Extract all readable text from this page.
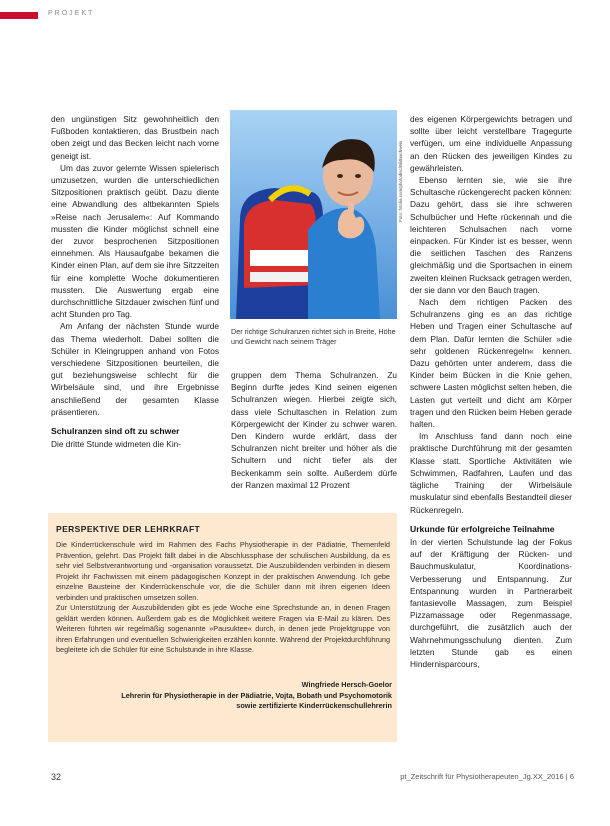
PROJEKT

den ungünstigen Sitz gewohnheitlich den Fußboden kontaktieren, das Brustbein nach oben zeigt und das Becken leicht nach vorne geneigt ist.

Um das zuvor gelernte Wissen spielerisch umzusetzen, wurden die unterschiedlichen Sitzpositionen praktisch geübt. Dazu diente eine Abwandlung des altbekannten Spiels »Reise nach Jerusalem«: Auf Kommando mussten die Kinder möglichst schnell eine der zuvor besprochenen Sitzpositionen einnehmen. Als Hausaufgabe bekamen die Kinder einen Plan, auf dem sie ihre Sitzzeiten für eine komplette Woche dokumentieren mussten. Die Auswertung ergab eine durchschnittliche Sitzdauer zwischen fünf und acht Stunden pro Tag.

Am Anfang der nächsten Stunde wurde das Thema wiederholt. Dabei sollten die Schüler in Kleingruppen anhand von Fotos verschiedene Sitzpositionen beurteilen, die gut beziehungsweise schlecht für die Wirbelsäule sind, und ihre Ergebnisse anschließend der gesamten Klasse präsentieren.

Schulranzen sind oft zu schwer

Die dritte Stunde widmeten die Kin-

Foto: fotolia.com/photodisc/Bildnachweis
Der richtige Schulranzen richtet sich in Breite, Höhe und Gewicht nach seinem Träger

gruppen dem Thema Schulranzen. Zu Beginn durfte jedes Kind seinen eigenen Schulranzen wiegen. Hierbei zeigte sich, dass viele Schultaschen in Relation zum Körpergewicht der Kinder zu schwer waren. Den Kindern wurde erklärt, dass der Schulranzen nicht breiter und höher als die Schultern und nicht tiefer als der Beckenkamm sein sollte. Außerdem dürfe der Ranzen maximal 12 Prozent

des eigenen Körpergewichts betragen und sollte über leicht verstellbare Tragegurte verfügen, um eine individuelle Anpassung an den Rücken des jeweiligen Kindes zu gewährleisten.

Ebenso lernten sie, wie sie ihre Schultasche rückengerecht packen können: Dazu gehört, dass sie ihre schweren Schulbücher und Hefte rückennah und die leichteren Schulsachen nach vorne einpacken. Für Kinder ist es besser, wenn die seitlichen Taschen des Ranzens gleichmäßig und die Sportsachen in einem zweiten kleinen Rucksack getragen werden, der sie dann vor den Bauch tragen.

Nach dem richtigen Packen des Schulranzens ging es an das richtige Heben und Tragen einer Schultasche auf dem Plan. Dafür lernten die Schüler »die sehr goldenen Rückenregeln« kennen. Dazu gehörten unter anderem, dass die Kinder beim Bücken in die Knie gehen, schwere Lasten möglichst selten heben, die Lasten gut verteilt und dicht am Körper tragen und den Rücken beim Heben gerade halten.

Im Anschluss fand dann noch eine praktische Durchführung mit der gesamten Klasse statt. Sportliche Aktivitäten wie Schwimmen, Radfahren, Laufen und das tägliche Training der Wirbelsäule muskulatur sind ebenfalls Bestandteil dieser Rückenregeln.

Urkunde für erfolgreiche Teilnahme

In der vierten Schulstunde lag der Fokus auf der Kräftigung der Rücken- und Bauchmuskulatur, Koordinations-Verbesserung und Entspannung. Zur Entspannung wurden in Partnerarbeit fantasievolle Massagen, zum Beispiel Pizzamassage oder Regenmassage, durchgeführt, die zusätzlich auch der Wahrnehmungsschulung dienten. Zum letzten Stunde gab es einen Hindernisparcours,

PERSPEKTIVE DER LEHRKRAFT
Die Kinderrückenschule wird im Rahmen des Fachs Physiotherapie in der Pädiatrie, Themenfeld Prävention, gelehrt. Das Projekt fällt dabei in die Abschlussphase der schulischen Ausbildung, da es sehr viel Selbstverantwortung und -organisation voraussetzt. Die Auszubildenden verbinden in diesem Projekt ihr Fachwissen mit einem pädagogischen Konzept in der praktischen Anwendung. Ich gebe einzelne Bausteine der Kinderrückenschule vor, die die Schüler dann mit ihren eigenen Ideen verbinden und praktischen umsetzen sollen.
Zur Unterstützung der Auszubildenden gibt es jede Woche eine Sprechstunde an, in denen Fragen geklärt werden können. Außerdem gab es die Möglichkeit weitere Fragen via E-Mail zu klären. Des Weiteren führten wir regelmäßig sogenannte »Pausuktee« durch, in denen jede Projektgruppe von ihren Erfahrungen und eventuellen Schwierigkeiten erzählen konnte. Während der Projektdurchführung begleitete ich die Schüler für eine Schulstunde in ihre Klasse.
Wingfriede Hersch-Goelor
Lehrerin für Physiotherapie in der Pädiatrie, Vojta, Bobath und Psychomotorik
sowie zertifizierte Kinderrückenschullehrerin
32	pt_Zeitschrift für Physiotherapeuten_Jg.XX_2016 | 6
